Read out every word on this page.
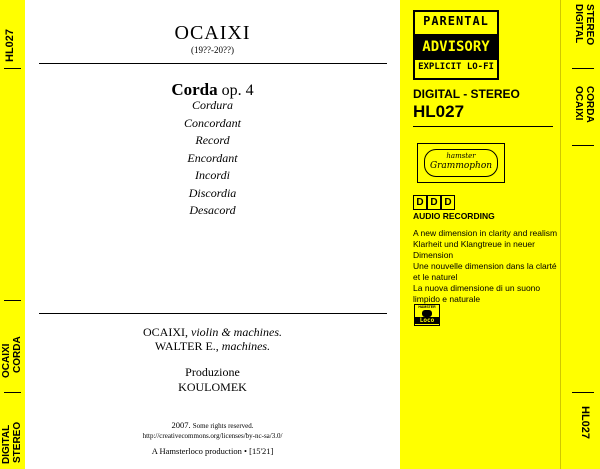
HL027
OCAIXI CORDA
DIGITAL STEREO
OCAIXI
(19??-20??)
Corda op. 4
Cordura
Concordant
Record
Encordant
Incordi
Discordia
Desacord
OCAIXI, violin & machines.
WALTER E., machines.
Produzione
KOULOMEK
2007. Some rights reserved.
http://creativecommons.org/licenses/by-nc-sa/3.0/
A Hamsterloco production • [15'21]
PARENTAL
ADVISORY
EXPLICIT LO-FI
DIGITAL - STEREO
HL027
hamster
Grammophon
D D D
AUDIO RECORDING
A new dimension in clarity and realism
Klarheit und Klangtreue in neuer
Dimension
Une nouvelle dimension dans la clarté
et le naturel
La nuova dimensione di un suono
limpido e naturale
HAMSTER
Loco
DIGITAL STEREO
OCAIXI CORDA
HL027
